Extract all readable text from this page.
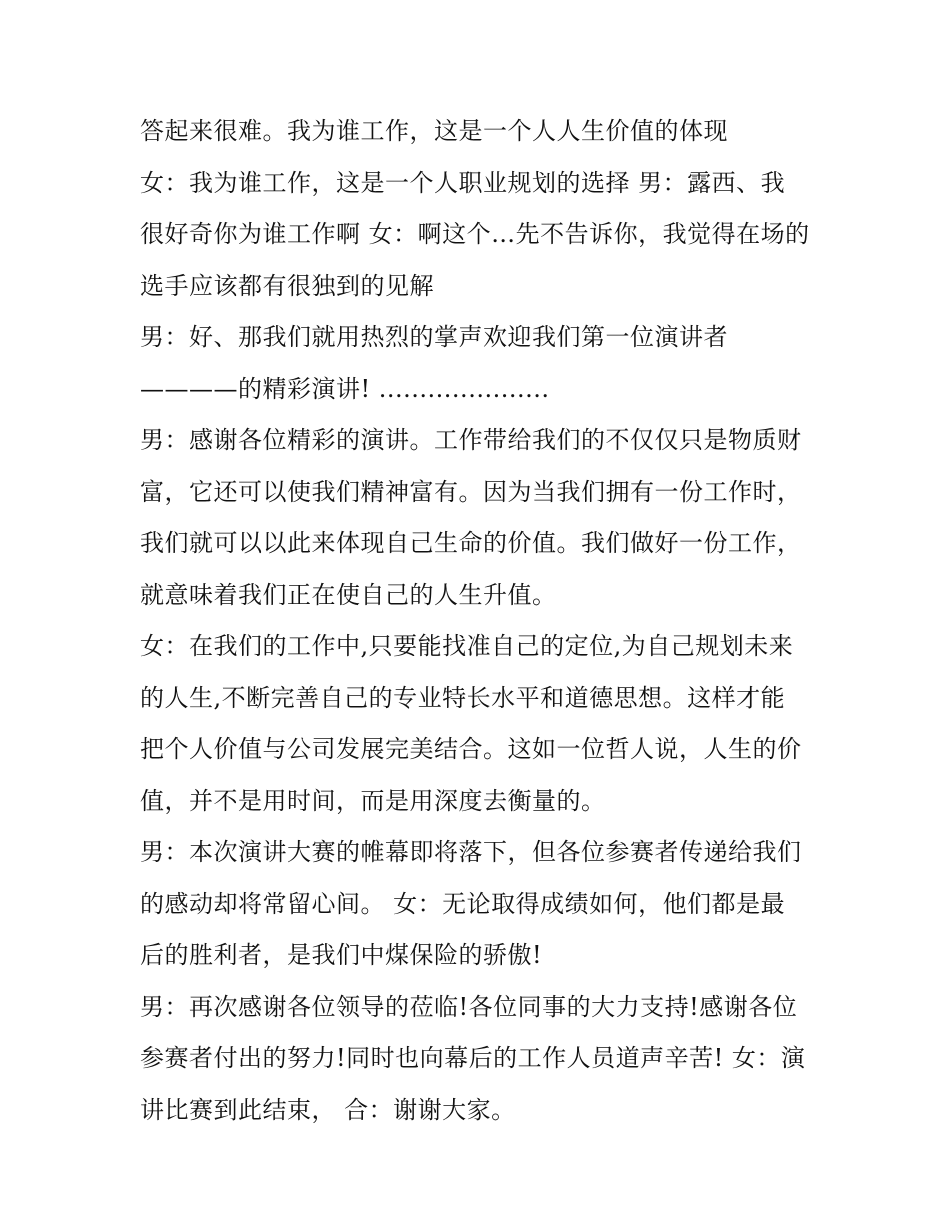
答起来很难。我为谁工作，这是一个人人生价值的体现
女：我为谁工作，这是一个人职业规划的选择 男：露西、我
很好奇你为谁工作啊 女：啊这个…先不告诉你，我觉得在场的
选手应该都有很独到的见解
男：好、那我们就用热烈的掌声欢迎我们第一位演讲者
————的精彩演讲! .....................
男：感谢各位精彩的演讲。工作带给我们的不仅仅只是物质财
富，它还可以使我们精神富有。因为当我们拥有一份工作时，
我们就可以以此来体现自己生命的价值。我们做好一份工作，
就意味着我们正在使自己的人生升值。
女：在我们的工作中,只要能找准自己的定位,为自己规划未来
的人生,不断完善自己的专业特长水平和道德思想。这样才能
把个人价值与公司发展完美结合。这如一位哲人说，人生的价
值，并不是用时间，而是用深度去衡量的。
男：本次演讲大赛的帷幕即将落下，但各位参赛者传递给我们
的感动却将常留心间。 女：无论取得成绩如何，他们都是最
后的胜利者，是我们中煤保险的骄傲!
男：再次感谢各位领导的莅临!各位同事的大力支持!感谢各位
参赛者付出的努力!同时也向幕后的工作人员道声辛苦! 女：演
讲比赛到此结束， 合：谢谢大家。
